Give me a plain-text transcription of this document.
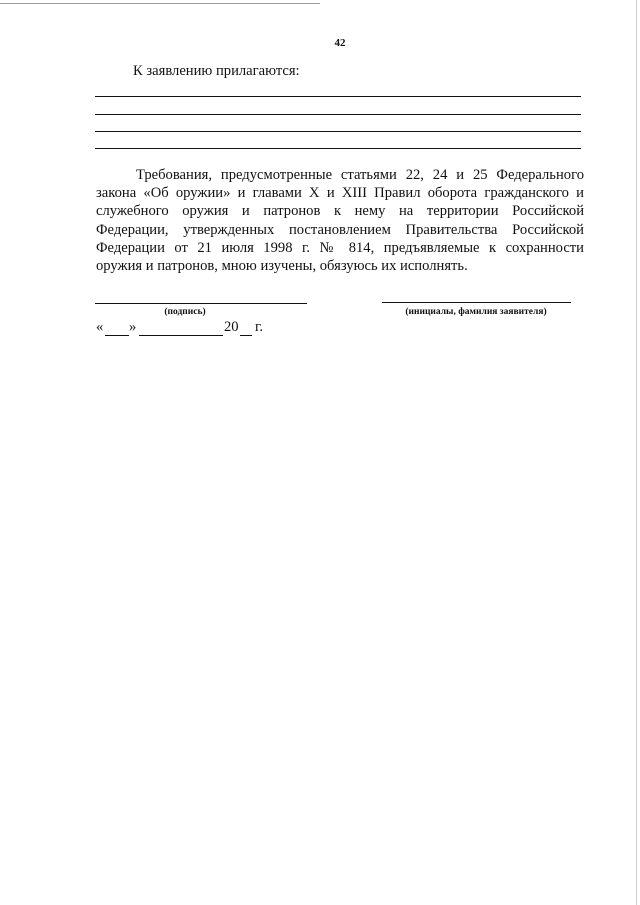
42
К заявлению прилагаются:
Требования, предусмотренные статьями 22, 24 и 25 Федерального
закона «Об оружии» и главами X и XIII Правил оборота гражданского и
служебного оружия и патронов к нему на территории Российской
Федерации, утвержденных постановлением Правительства Российской
Федерации от 21 июля 1998 г. № 814, предъявляемые к сохранности
оружия и патронов, мною изучены, обязуюсь их исполнять.
(подпись)	(инициалы, фамилия заявителя)
« »	20 г.
